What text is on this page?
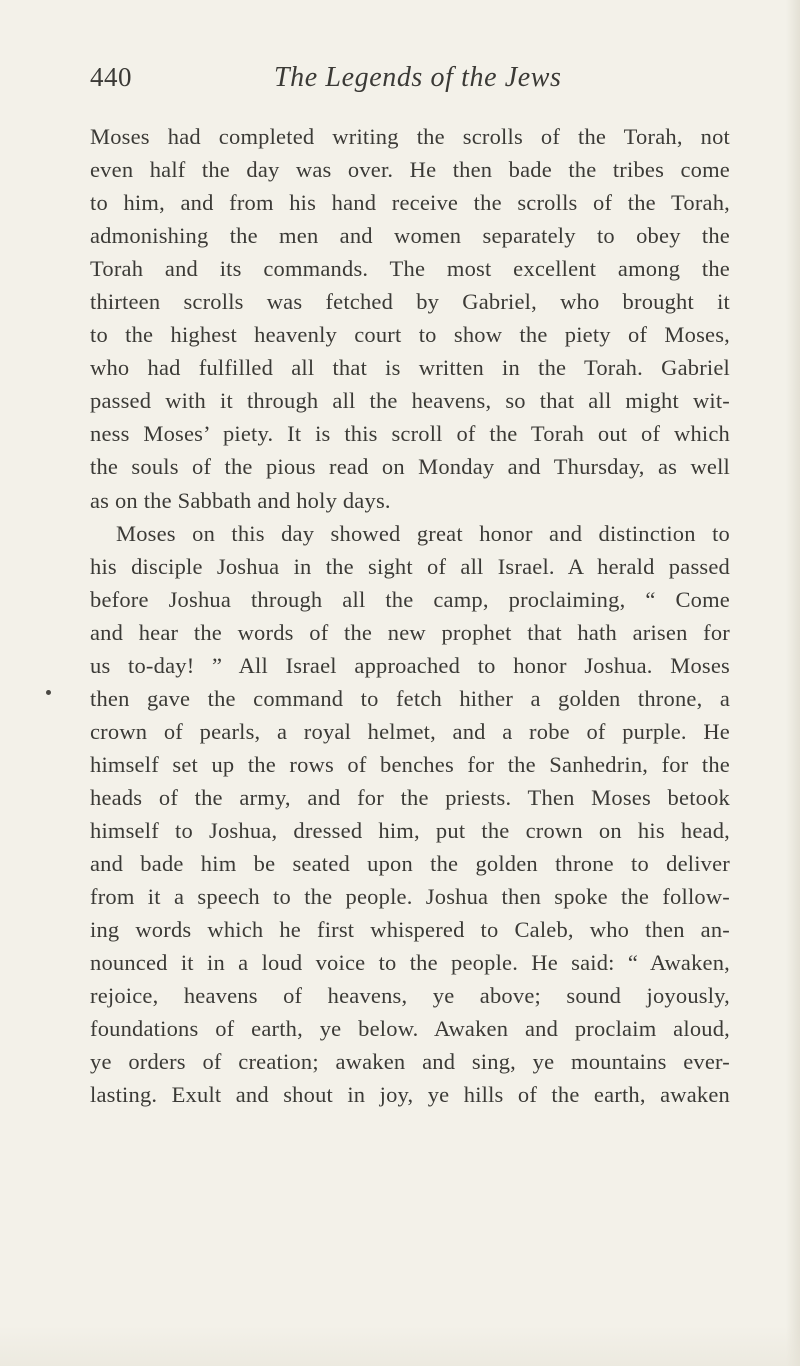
440	The Legends of the Jews
Moses had completed writing the scrolls of the Torah, not
even half the day was over. He then bade the tribes come
to him, and from his hand receive the scrolls of the Torah,
admonishing the men and women separately to obey the
Torah and its commands. The most excellent among the
thirteen scrolls was fetched by Gabriel, who brought it
to the highest heavenly court to show the piety of Moses,
who had fulfilled all that is written in the Torah. Gabriel
passed with it through all the heavens, so that all might wit-
ness Moses’ piety. It is this scroll of the Torah out of which
the souls of the pious read on Monday and Thursday, as well
as on the Sabbath and holy days.
Moses on this day showed great honor and distinction to
his disciple Joshua in the sight of all Israel. A herald passed
before Joshua through all the camp, proclaiming, “ Come
and hear the words of the new prophet that hath arisen for
us to-day! ” All Israel approached to honor Joshua. Moses
then gave the command to fetch hither a golden throne, a
crown of pearls, a royal helmet, and a robe of purple. He
himself set up the rows of benches for the Sanhedrin, for the
heads of the army, and for the priests. Then Moses betook
himself to Joshua, dressed him, put the crown on his head,
and bade him be seated upon the golden throne to deliver
from it a speech to the people. Joshua then spoke the follow-
ing words which he first whispered to Caleb, who then an-
nounced it in a loud voice to the people. He said: “ Awaken,
rejoice, heavens of heavens, ye above; sound joyously,
foundations of earth, ye below. Awaken and proclaim aloud,
ye orders of creation; awaken and sing, ye mountains ever-
lasting. Exult and shout in joy, ye hills of the earth, awaken
